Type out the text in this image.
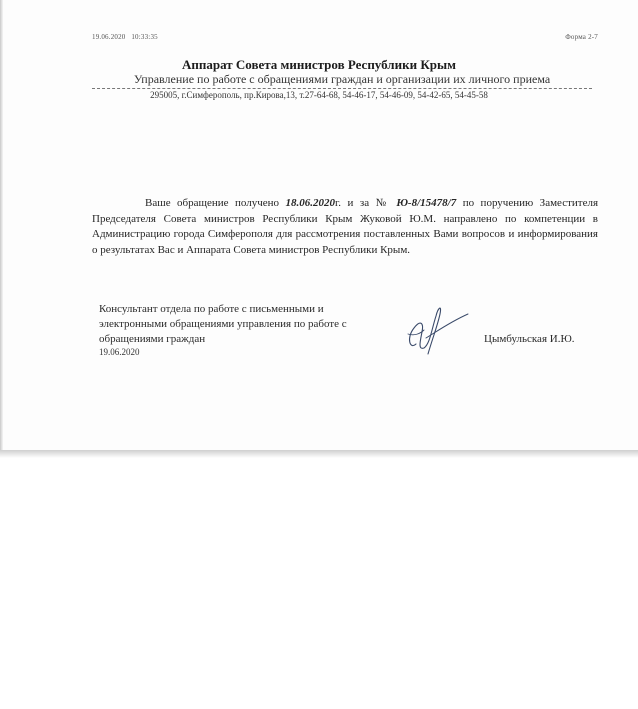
19.06.2020 10:33:35	Форма 2-7
Аппарат Совета министров Республики Крым
Управление по работе с обращениями граждан и организации их личного приема
295005, г.Симферополь, пр.Кирова,13, т.27-64-68, 54-46-17, 54-46-09, 54-42-65, 54-45-58
Ваше обращение получено 18.06.2020г. и за № Ю-8/15478/7 по поручению Заместителя Председателя Совета министров Республики Крым Жуковой Ю.М. направлено по компетенции в Администрацию города Симферополя для рассмотрения поставленных Вами вопросов и информирования о результатах Вас и Аппарата Совета министров Республики Крым.
Консультант отдела по работе с письменными и электронными обращениями управления по работе с обращениями граждан
19.06.2020
Цымбульская И.Ю.
